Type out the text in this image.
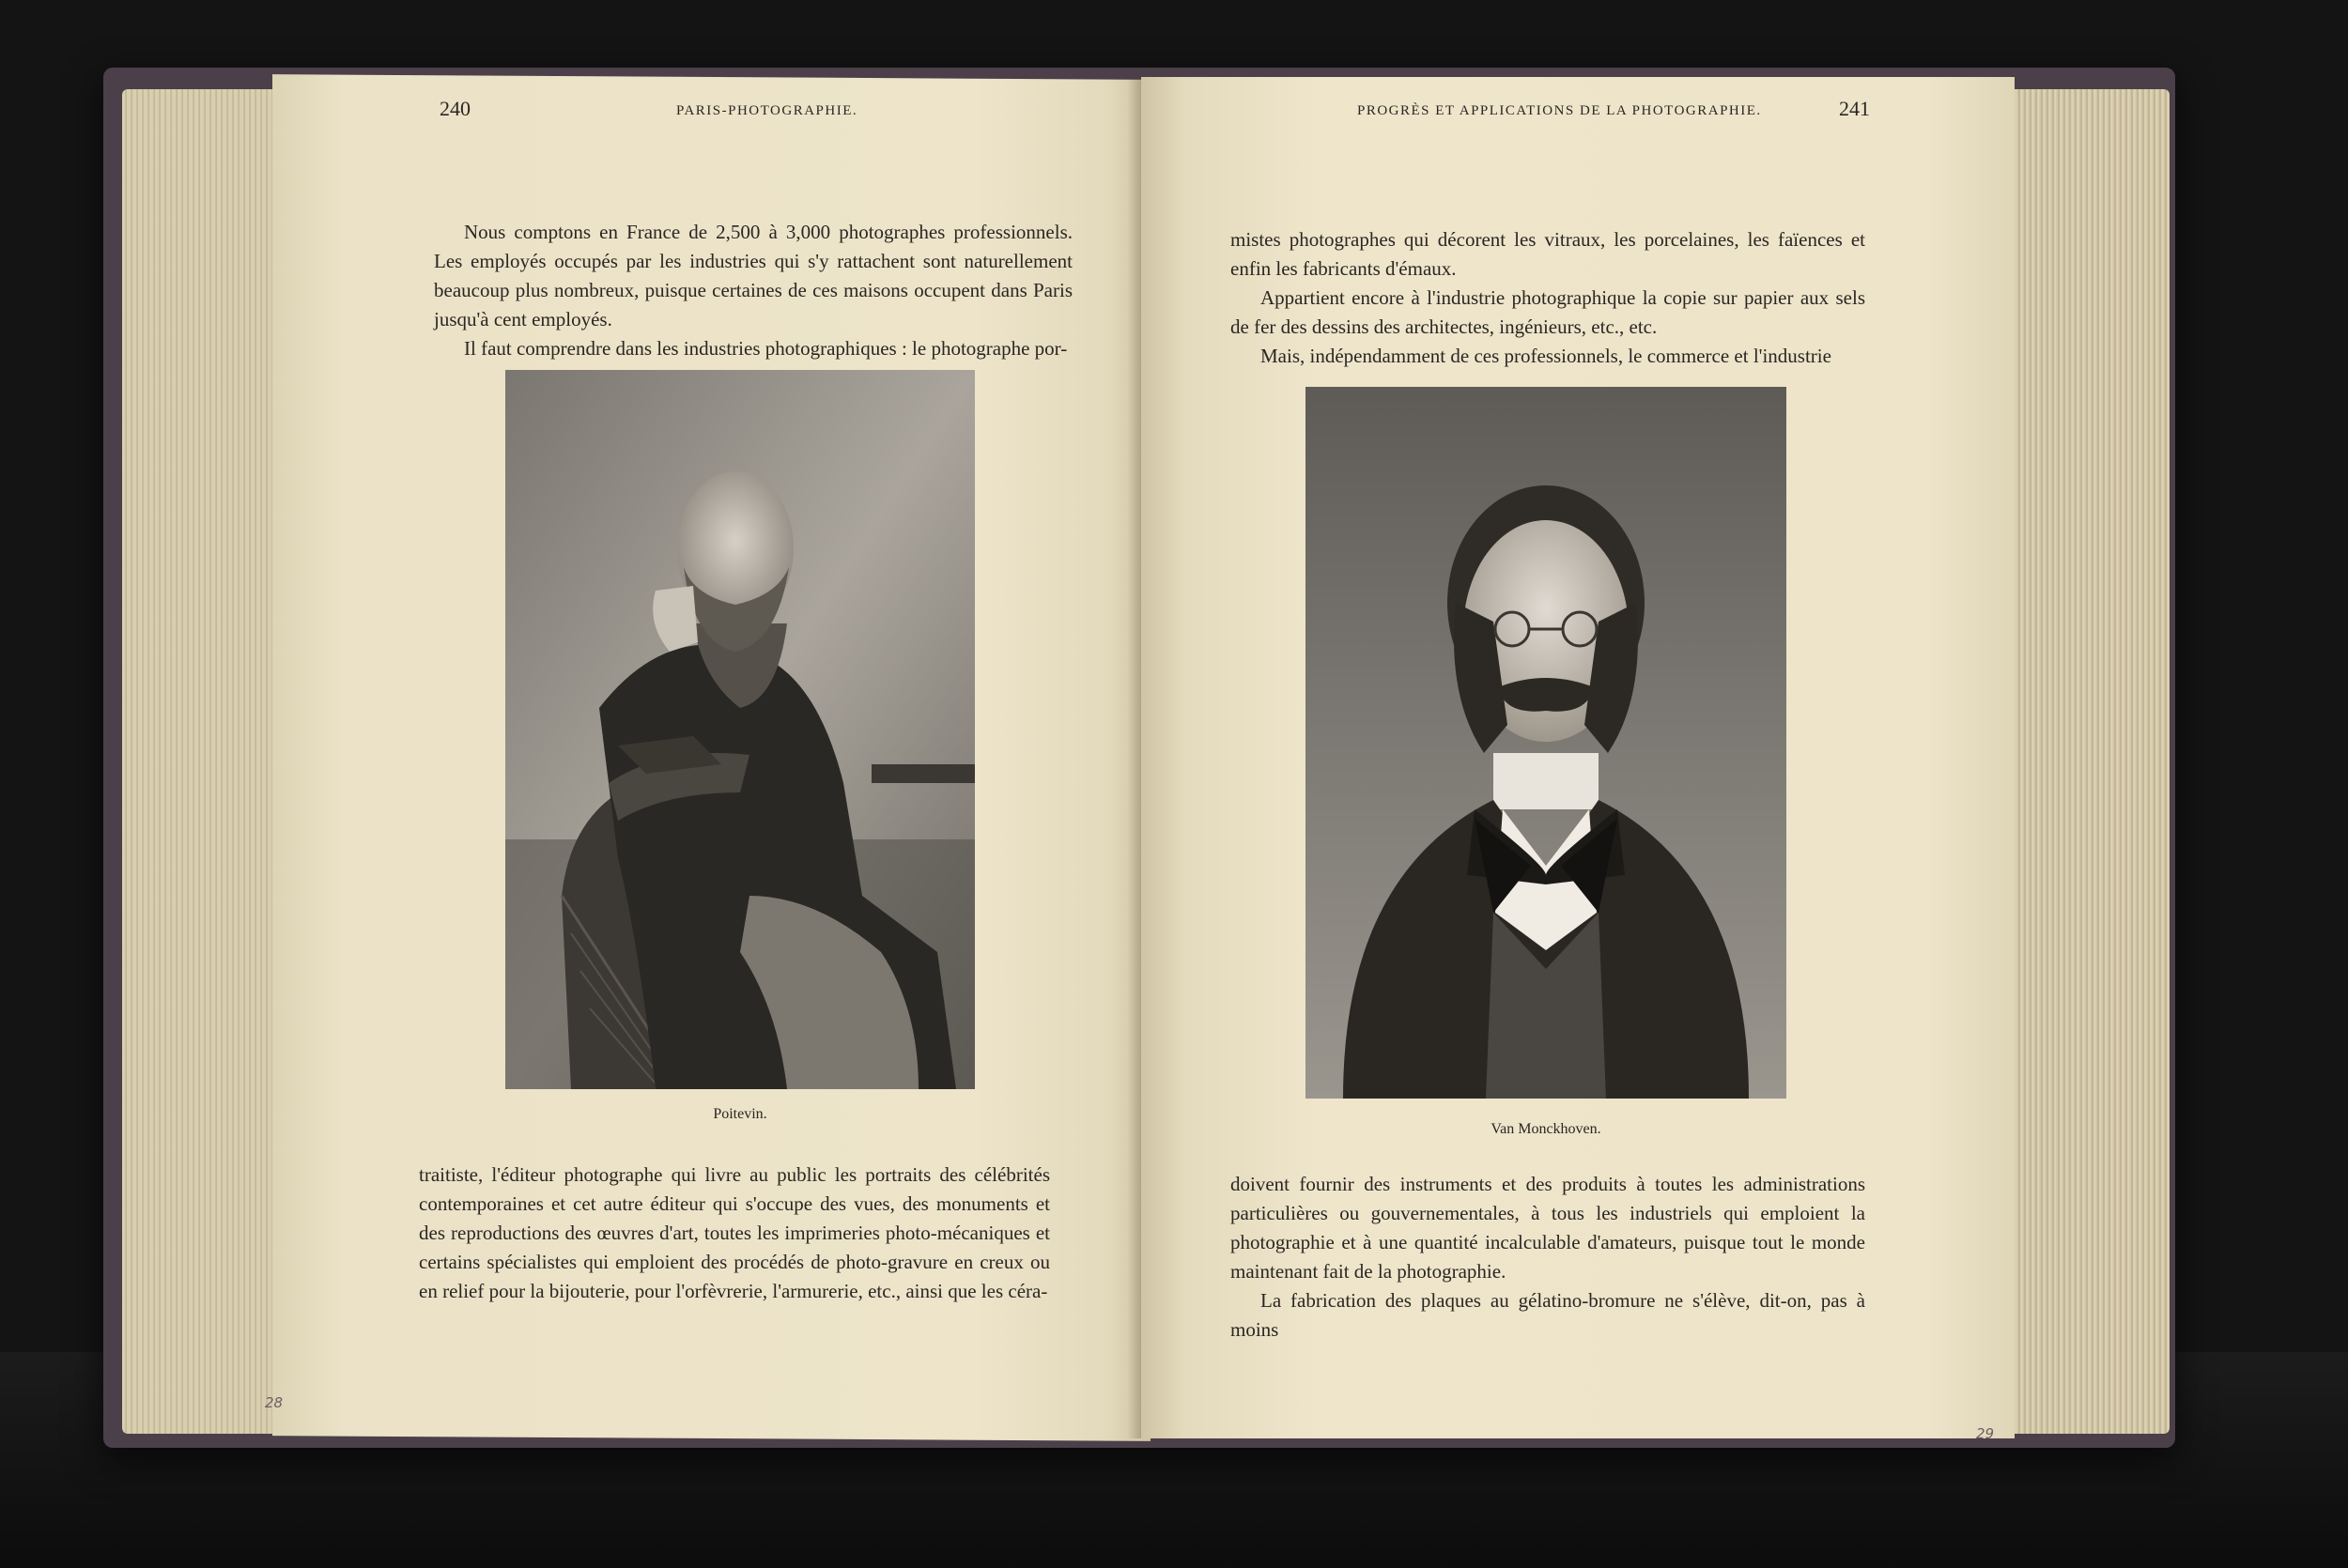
240	PARIS-PHOTOGRAPHIE.

Nous comptons en France de 2,500 à 3,000 photographes professionnels. Les employés occupés par les industries qui s'y rattachent sont naturellement beaucoup plus nombreux, puisque certaines de ces maisons occupent dans Paris jusqu'à cent employés.

Il faut comprendre dans les industries photographiques : le photographe por-

Poitevin.

traitiste, l'éditeur photographe qui livre au public les portraits des célébrités contemporaines et cet autre éditeur qui s'occupe des vues, des monuments et des reproductions des œuvres d'art, toutes les imprimeries photo-mécaniques et certains spécialistes qui emploient des procédés de photo-gravure en creux ou en relief pour la bijouterie, pour l'orfèvrerie, l'armurerie, etc., ainsi que les céra-

28
PROGRÈS ET APPLICATIONS DE LA PHOTOGRAPHIE.	241

mistes photographes qui décorent les vitraux, les porcelaines, les faïences et enfin les fabricants d'émaux.

Appartient encore à l'industrie photographique la copie sur papier aux sels de fer des dessins des architectes, ingénieurs, etc., etc.

Mais, indépendamment de ces professionnels, le commerce et l'industrie

Van Monckhoven.

doivent fournir des instruments et des produits à toutes les administrations particulières ou gouvernementales, à tous les industriels qui emploient la photographie et à une quantité incalculable d'amateurs, puisque tout le monde maintenant fait de la photographie.

La fabrication des plaques au gélatino-bromure ne s'élève, dit-on, pas à moins

29
